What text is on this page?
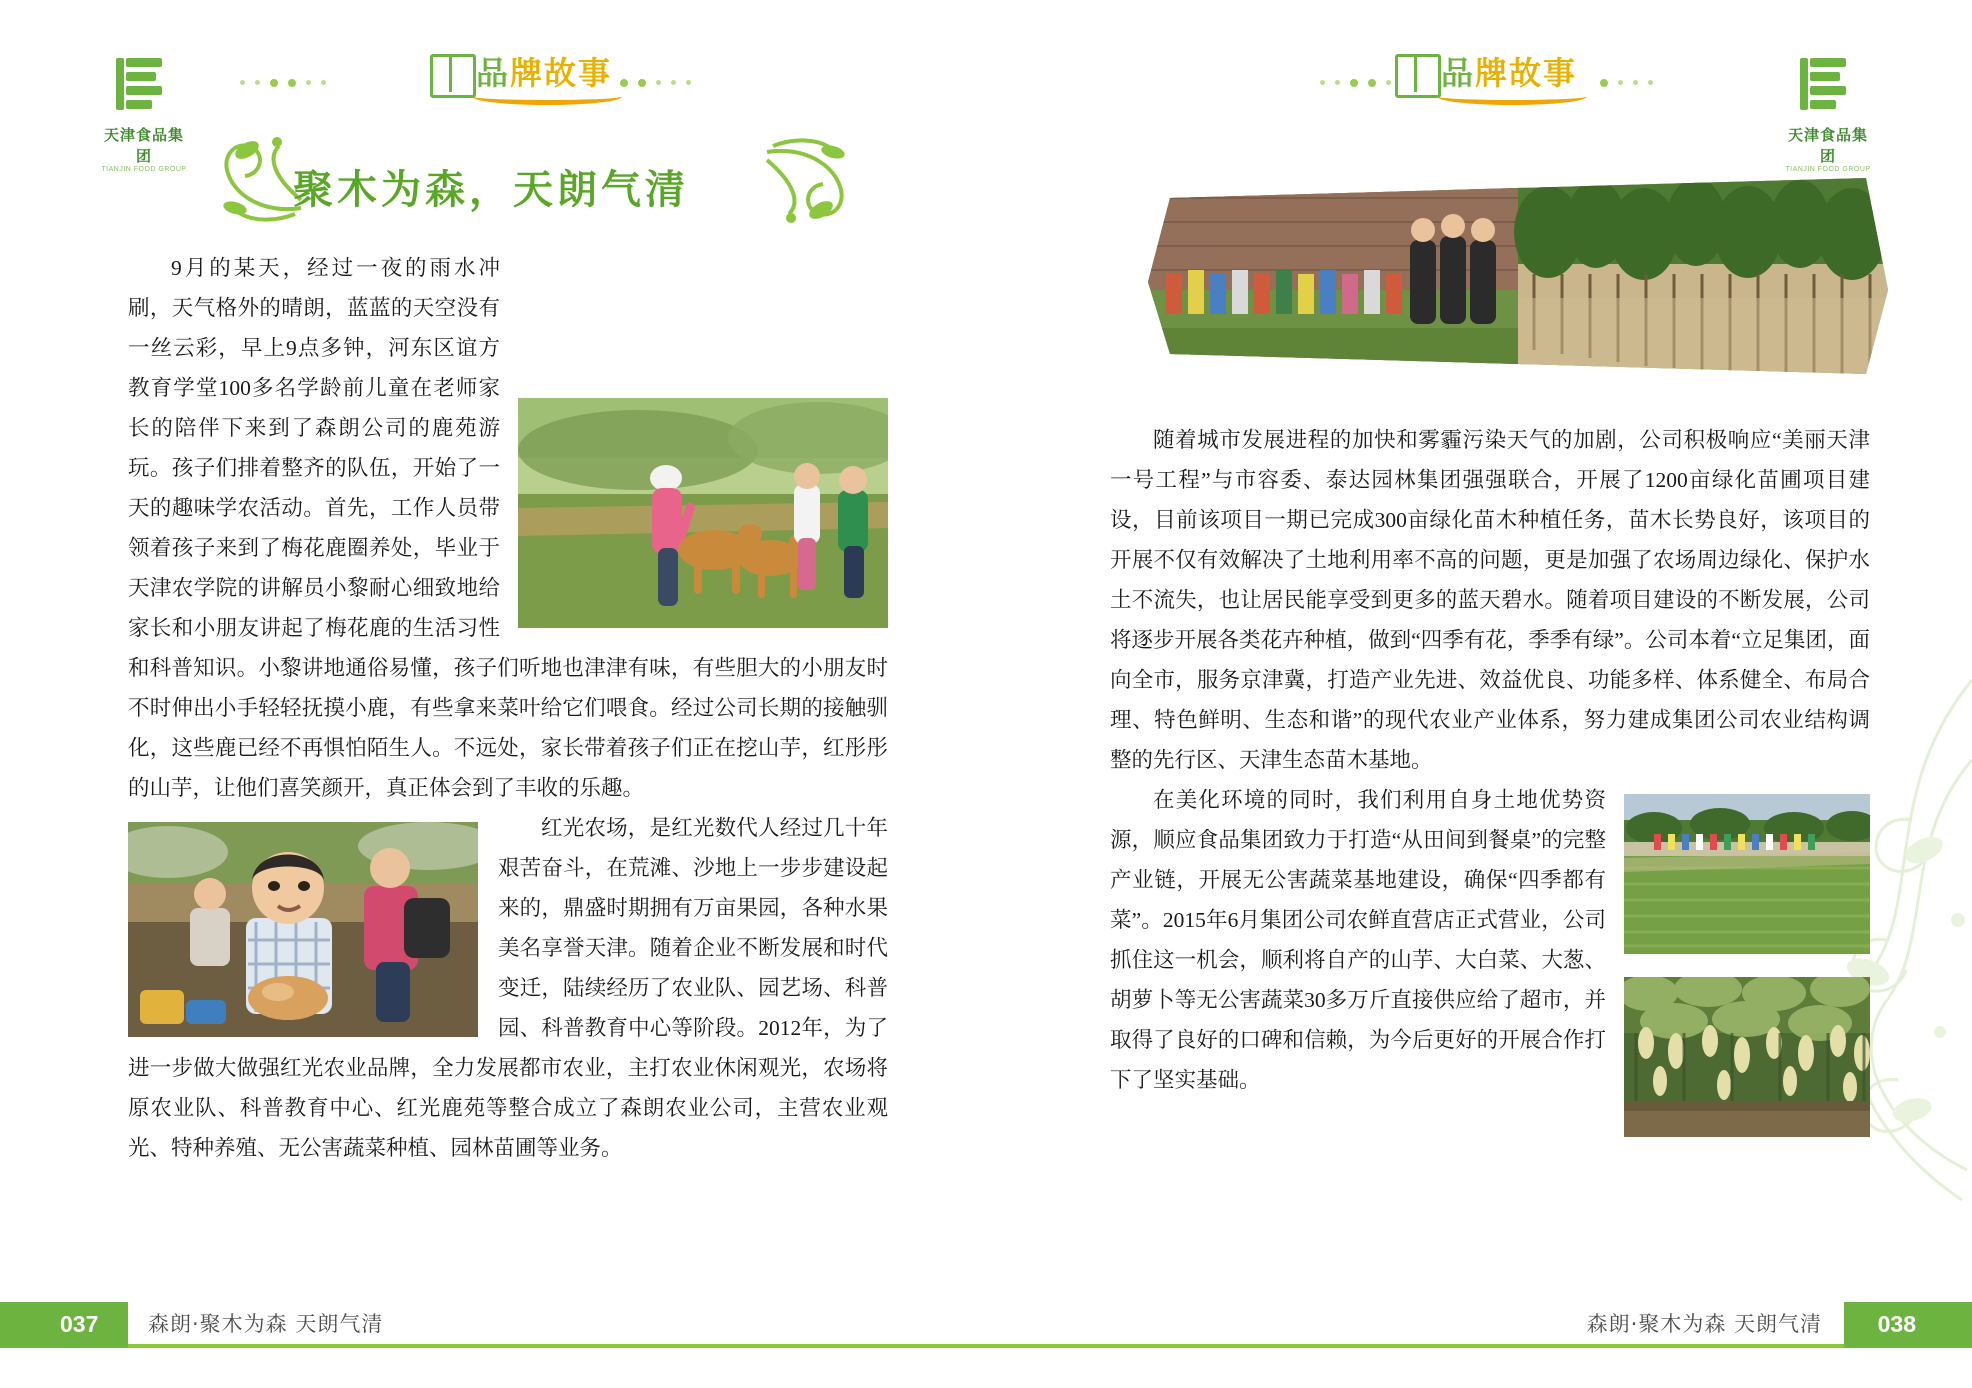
天津食品集团
TIANJIN FOOD GROUP
品牌故事	品牌故事
天津食品集团
TIANJIN FOOD GROUP
聚木为森，天朗气清

9月的某天，经过一夜的雨水冲刷，天气格外的晴朗，蓝蓝的天空没有一丝云彩，早上9点多钟，河东区谊方教育学堂100多名学龄前儿童在老师家长的陪伴下来到了森朗公司的鹿苑游玩。孩子们排着整齐的队伍，开始了一天的趣味学农活动。首先，工作人员带领着孩子来到了梅花鹿圈养处，毕业于天津农学院的讲解员小黎耐心细致地给家长和小朋友讲起了梅花鹿的生活习性和科普知识。小黎讲地通俗易懂，孩子们听地也津津有味，有些胆大的小朋友时不时伸出小手轻轻抚摸小鹿，有些拿来菜叶给它们喂食。经过公司长期的接触驯化，这些鹿已经不再惧怕陌生人。不远处，家长带着孩子们正在挖山芋，红彤彤的山芋，让他们喜笑颜开，真正体会到了丰收的乐趣。

红光农场，是红光数代人经过几十年艰苦奋斗，在荒滩、沙地上一步步建设起来的，鼎盛时期拥有万亩果园，各种水果美名享誉天津。随着企业不断发展和时代变迁，陆续经历了农业队、园艺场、科普园、科普教育中心等阶段。2012年，为了进一步做大做强红光农业品牌，全力发展都市农业，主打农业休闲观光，农场将原农业队、科普教育中心、红光鹿苑等整合成立了森朗农业公司，主营农业观光、特种养殖、无公害蔬菜种植、园林苗圃等业务。

随着城市发展进程的加快和雾霾污染天气的加剧，公司积极响应“美丽天津一号工程”与市容委、泰达园林集团强强联合，开展了1200亩绿化苗圃项目建设，目前该项目一期已完成300亩绿化苗木种植任务，苗木长势良好，该项目的开展不仅有效解决了土地利用率不高的问题，更是加强了农场周边绿化、保护水土不流失，也让居民能享受到更多的蓝天碧水。随着项目建设的不断发展，公司将逐步开展各类花卉种植，做到“四季有花，季季有绿”。公司本着“立足集团，面向全市，服务京津冀，打造产业先进、效益优良、功能多样、体系健全、布局合理、特色鲜明、生态和谐”的现代农业产业体系，努力建成集团公司农业结构调整的先行区、天津生态苗木基地。

在美化环境的同时，我们利用自身土地优势资源，顺应食品集团致力于打造“从田间到餐桌”的完整产业链，开展无公害蔬菜基地建设，确保“四季都有菜”。2015年6月集团公司农鲜直营店正式营业，公司抓住这一机会，顺利将自产的山芋、大白菜、大葱、胡萝卜等无公害蔬菜30多万斤直接供应给了超市，并取得了良好的口碑和信赖，为今后更好的开展合作打下了坚实基础。

037 森朗·聚木为森 天朗气清	森朗·聚木为森 天朗气清 038
